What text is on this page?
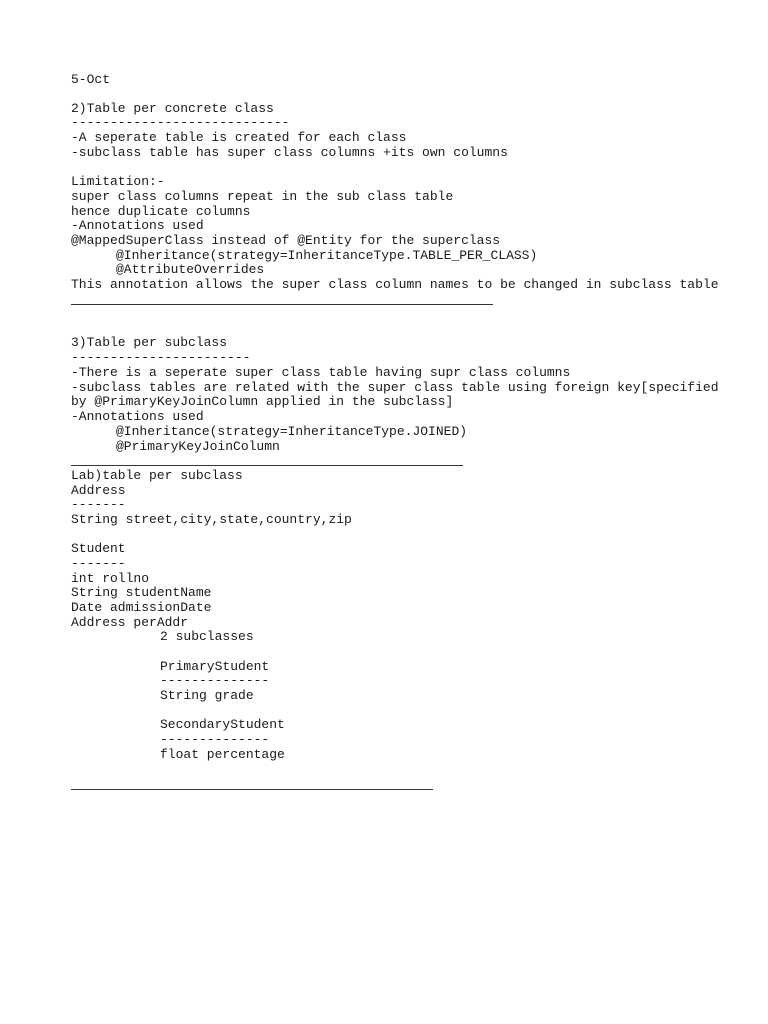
5-Oct
2)Table per concrete class
----------------------------
-A seperate table is created for each class
-subclass table has super class columns +its own columns
Limitation:-
super class columns repeat in the sub class table
hence duplicate columns
-Annotations used
@MappedSuperClass instead of @Entity for the superclass
@Inheritance(strategy=InheritanceType.TABLE_PER_CLASS)
@AttributeOverrides
This annotation allows the super class column names to be changed in subclass table
3)Table per subclass
-----------------------
-There is a seperate super class table having supr class columns
-subclass tables are related with the super class table using foreign key[specified
by @PrimaryKeyJoinColumn applied in the subclass]
-Annotations used
@Inheritance(strategy=InheritanceType.JOINED)
@PrimaryKeyJoinColumn
Lab)table per subclass
Address
-------
String street,city,state,country,zip
Student
-------
int rollno
String studentName
Date admissionDate
Address perAddr
2 subclasses
PrimaryStudent
--------------
String grade
SecondaryStudent
--------------
float percentage
